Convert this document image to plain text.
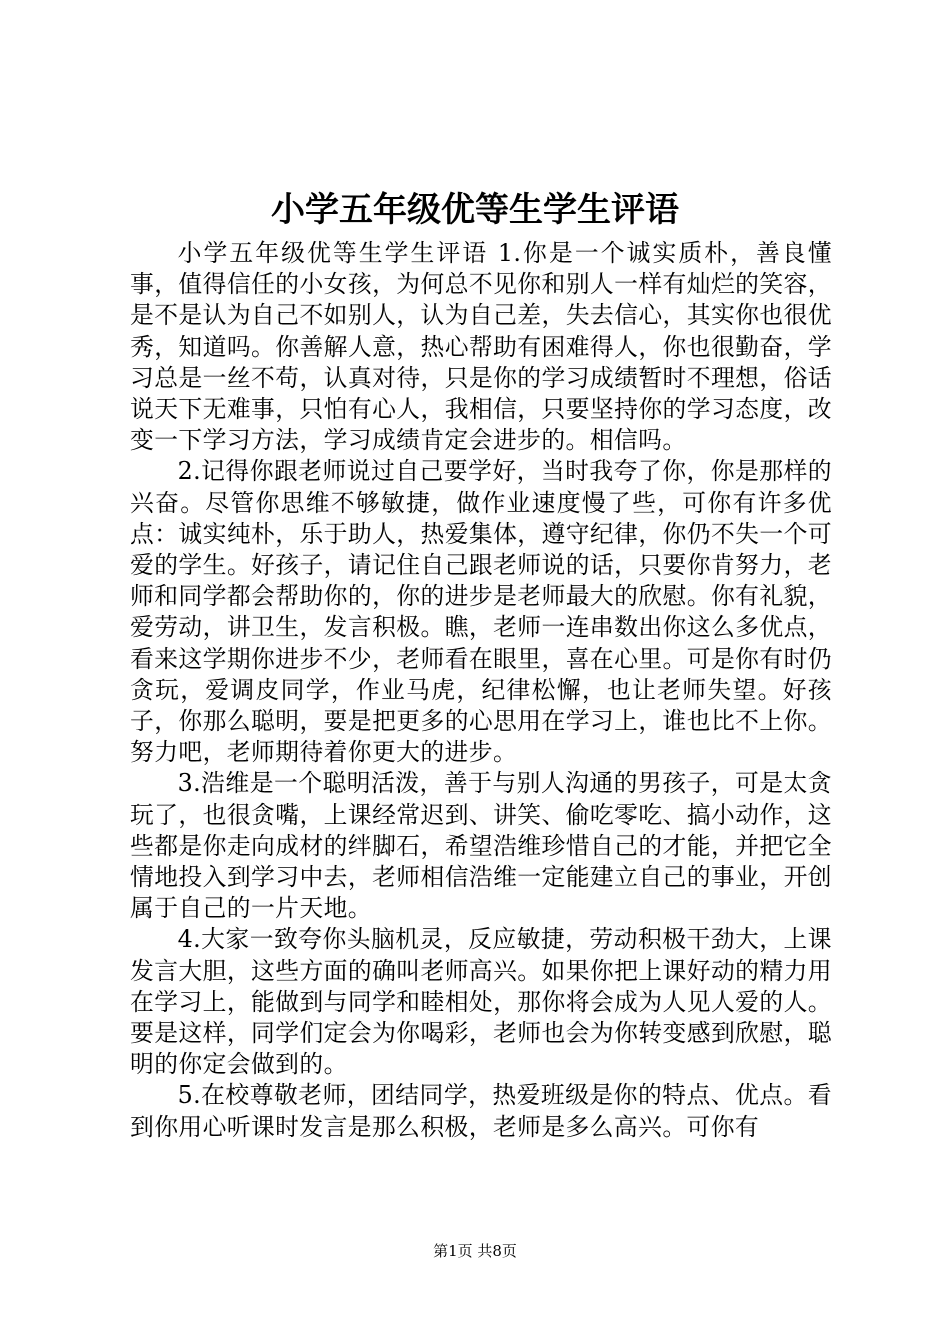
小学五年级优等生学生评语

小学五年级优等生学生评语 1.你是一个诚实质朴，善良懂事，值得信任的小女孩，为何总不见你和别人一样有灿烂的笑容，是不是认为自己不如别人，认为自己差，失去信心，其实你也很优秀，知道吗。你善解人意，热心帮助有困难得人，你也很勤奋，学习总是一丝不苟，认真对待，只是你的学习成绩暂时不理想，俗话说天下无难事，只怕有心人，我相信，只要坚持你的学习态度，改变一下学习方法，学习成绩肯定会进步的。相信吗。

2.记得你跟老师说过自己要学好，当时我夸了你，你是那样的兴奋。尽管你思维不够敏捷，做作业速度慢了些，可你有许多优点：诚实纯朴，乐于助人，热爱集体，遵守纪律，你仍不失一个可爱的学生。好孩子，请记住自己跟老师说的话，只要你肯努力，老师和同学都会帮助你的，你的进步是老师最大的欣慰。你有礼貌，爱劳动，讲卫生，发言积极。瞧，老师一连串数出你这么多优点，看来这学期你进步不少，老师看在眼里，喜在心里。可是你有时仍贪玩，爱调皮同学，作业马虎，纪律松懈，也让老师失望。好孩子，你那么聪明，要是把更多的心思用在学习上，谁也比不上你。努力吧，老师期待着你更大的进步。

3.浩维是一个聪明活泼，善于与别人沟通的男孩子，可是太贪玩了，也很贪嘴，上课经常迟到、讲笑、偷吃零吃、搞小动作，这些都是你走向成材的绊脚石，希望浩维珍惜自己的才能，并把它全情地投入到学习中去，老师相信浩维一定能建立自己的事业，开创属于自己的一片天地。

4.大家一致夸你头脑机灵，反应敏捷，劳动积极干劲大，上课发言大胆，这些方面的确叫老师高兴。如果你把上课好动的精力用在学习上，能做到与同学和睦相处，那你将会成为人见人爱的人。要是这样，同学们定会为你喝彩，老师也会为你转变感到欣慰，聪明的你定会做到的。

5.在校尊敬老师，团结同学，热爱班级是你的特点、优点。看到你用心听课时发言是那么积极，老师是多么高兴。可你有

第1页 共8页
